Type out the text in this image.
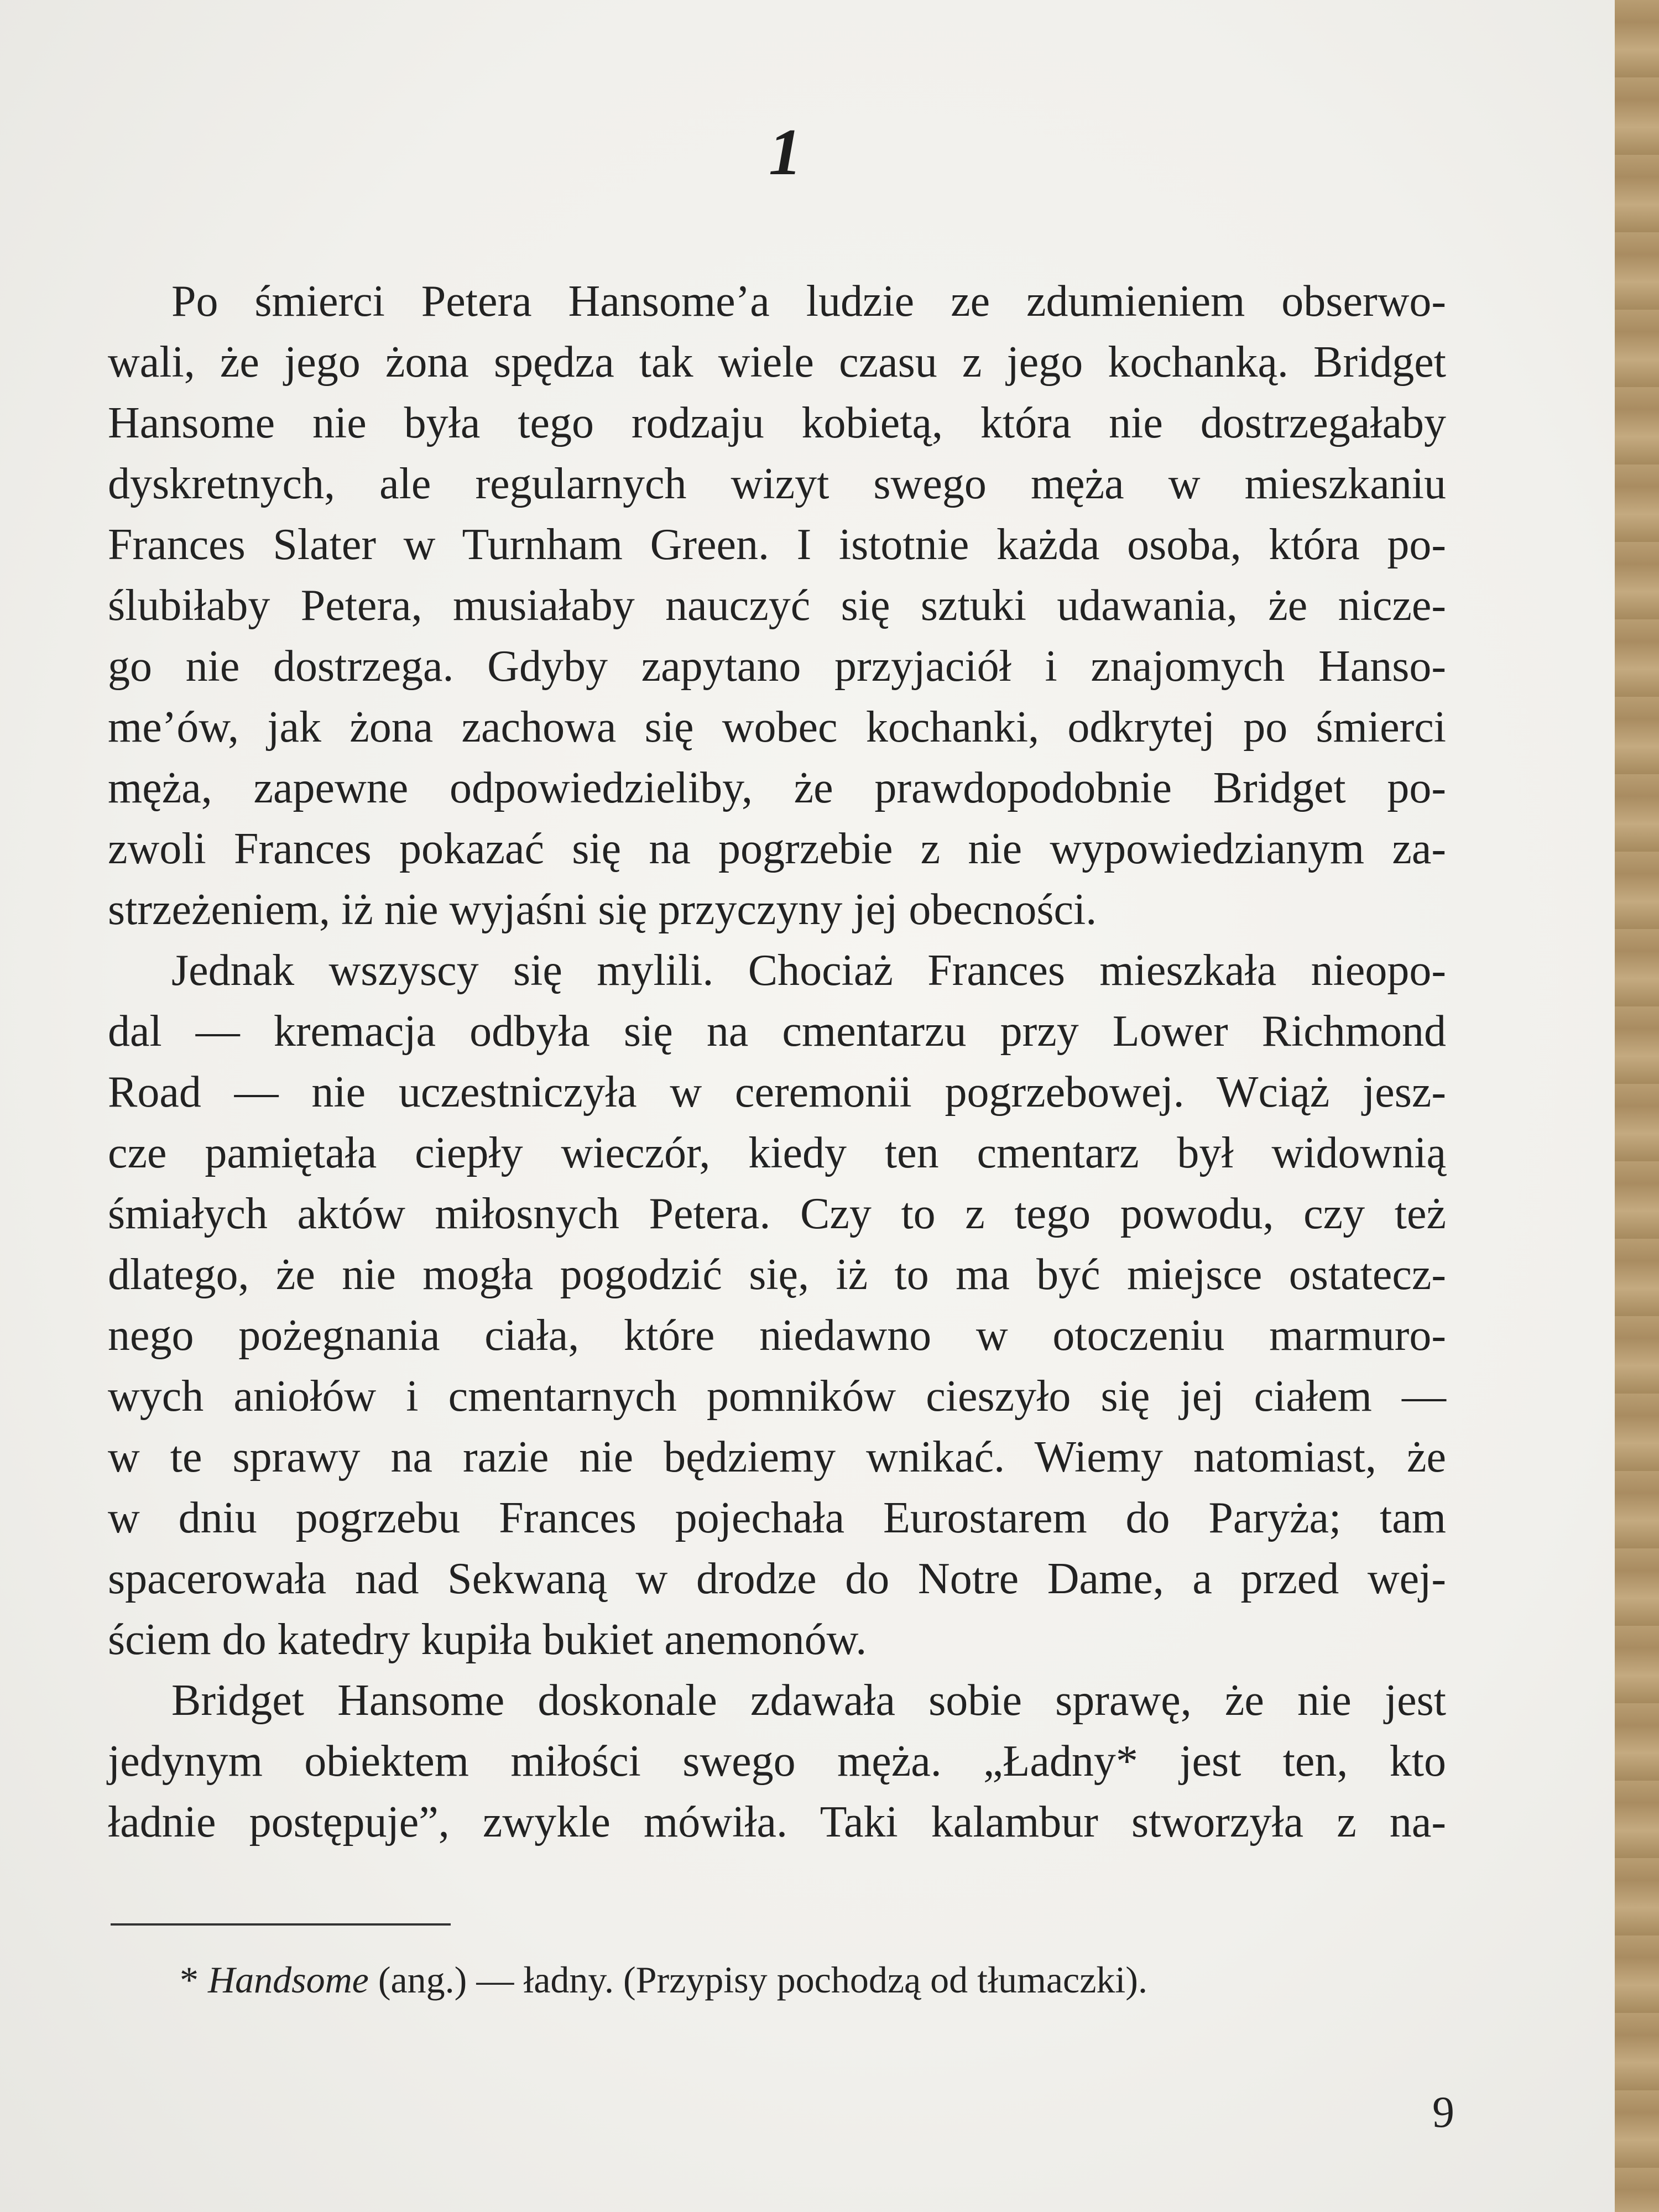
1
Po śmierci Petera Hansome’a ludzie ze zdumieniem obserwo-
wali, że jego żona spędza tak wiele czasu z jego kochanką. Bridget
Hansome nie była tego rodzaju kobietą, która nie dostrzegałaby
dyskretnych, ale regularnych wizyt swego męża w mieszkaniu
Frances Slater w Turnham Green. I istotnie każda osoba, która po-
ślubiłaby Petera, musiałaby nauczyć się sztuki udawania, że nicze-
go nie dostrzega. Gdyby zapytano przyjaciół i znajomych Hanso-
me’ów, jak żona zachowa się wobec kochanki, odkrytej po śmierci
męża, zapewne odpowiedzieliby, że prawdopodobnie Bridget po-
zwoli Frances pokazać się na pogrzebie z nie wypowiedzianym za-
strzeżeniem, iż nie wyjaśni się przyczyny jej obecności.
Jednak wszyscy się mylili. Chociaż Frances mieszkała nieopo-
dal — kremacja odbyła się na cmentarzu przy Lower Richmond
Road — nie uczestniczyła w ceremonii pogrzebowej. Wciąż jesz-
cze pamiętała ciepły wieczór, kiedy ten cmentarz był widownią
śmiałych aktów miłosnych Petera. Czy to z tego powodu, czy też
dlatego, że nie mogła pogodzić się, iż to ma być miejsce ostatecz-
nego pożegnania ciała, które niedawno w otoczeniu marmuro-
wych aniołów i cmentarnych pomników cieszyło się jej ciałem —
w te sprawy na razie nie będziemy wnikać. Wiemy natomiast, że
w dniu pogrzebu Frances pojechała Eurostarem do Paryża; tam
spacerowała nad Sekwaną w drodze do Notre Dame, a przed wej-
ściem do katedry kupiła bukiet anemonów.
Bridget Hansome doskonale zdawała sobie sprawę, że nie jest
jedynym obiektem miłości swego męża. „Ładny* jest ten, kto
ładnie postępuje”, zwykle mówiła. Taki kalambur stworzyła z na-
* Handsome (ang.) — ładny. (Przypisy pochodzą od tłumaczki).
9
